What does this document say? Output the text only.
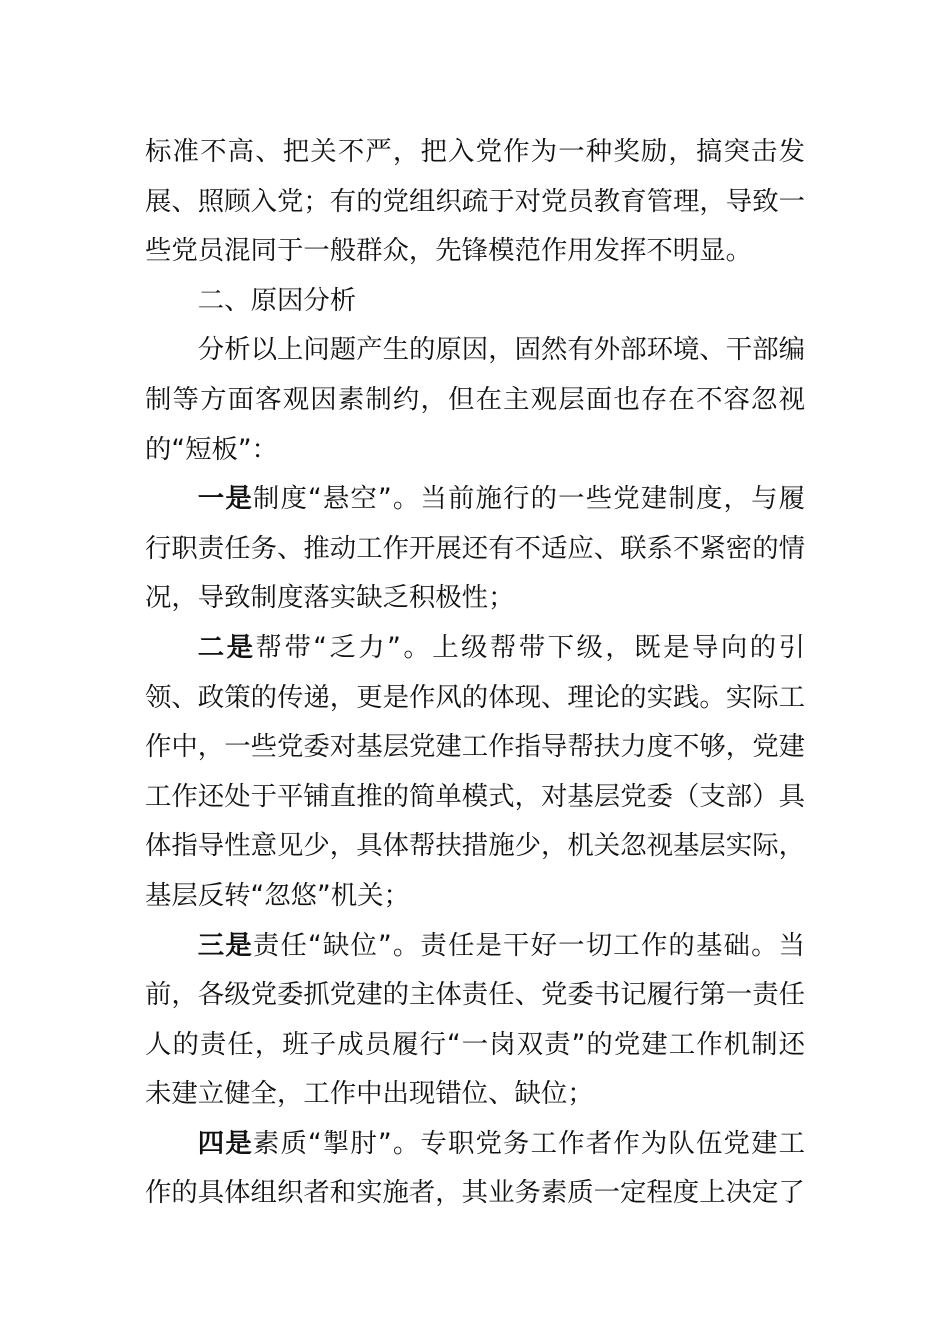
标准不高、把关不严，把入党作为一种奖励，搞突击发展、照顾入党；有的党组织疏于对党员教育管理，导致一些党员混同于一般群众，先锋模范作用发挥不明显。

二、原因分析

分析以上问题产生的原因，固然有外部环境、干部编制等方面客观因素制约，但在主观层面也存在不容忽视的“短板”：

一是制度“悬空”。当前施行的一些党建制度，与履行职责任务、推动工作开展还有不适应、联系不紧密的情况，导致制度落实缺乏积极性；

二是帮带“乏力”。上级帮带下级，既是导向的引领、政策的传递，更是作风的体现、理论的实践。实际工作中，一些党委对基层党建工作指导帮扶力度不够，党建工作还处于平铺直推的简单模式，对基层党委（支部）具体指导性意见少，具体帮扶措施少，机关忽视基层实际，基层反转“忽悠”机关；

三是责任“缺位”。责任是干好一切工作的基础。当前，各级党委抓党建的主体责任、党委书记履行第一责任人的责任，班子成员履行“一岗双责”的党建工作机制还未建立健全，工作中出现错位、缺位；

四是素质“掣肘”。专职党务工作者作为队伍党建工作的具体组织者和实施者，其业务素质一定程度上决定了
